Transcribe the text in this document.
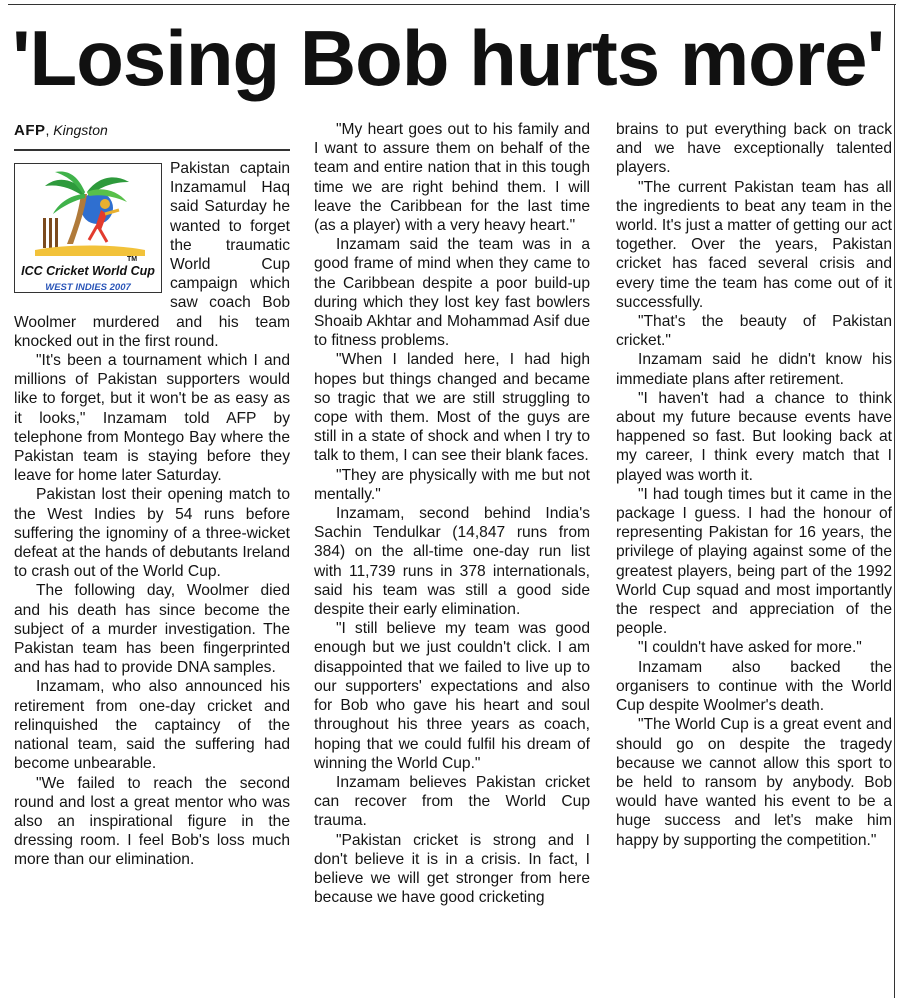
'Losing Bob hurts more'
AFP, Kingston
TM
ICC Cricket World Cup
WEST INDIES 2007

Pakistan captain Inzamamul Haq said Saturday he wanted to forget the traumatic World Cup campaign which saw coach Bob Woolmer murdered and his team knocked out in the first round.

"It's been a tournament which I and millions of Pakistan supporters would like to forget, but it won't be as easy as it looks," Inzamam told AFP by telephone from Montego Bay where the Pakistan team is staying before they leave for home later Saturday.

Pakistan lost their opening match to the West Indies by 54 runs before suffering the ignominy of a three-wicket defeat at the hands of debutants Ireland to crash out of the World Cup.

The following day, Woolmer died and his death has since become the subject of a murder investigation. The Pakistan team has been fingerprinted and has had to provide DNA samples.

Inzamam, who also announced his retirement from one-day cricket and relinquished the captaincy of the national team, said the suffering had become unbearable.

"We failed to reach the second round and lost a great mentor who was also an inspirational figure in the dressing room. I feel Bob's loss much more than our elimination.

"My heart goes out to his family and I want to assure them on behalf of the team and entire nation that in this tough time we are right behind them. I will leave the Caribbean for the last time (as a player) with a very heavy heart."

Inzamam said the team was in a good frame of mind when they came to the Caribbean despite a poor build-up during which they lost key fast bowlers Shoaib Akhtar and Mohammad Asif due to fitness problems.

"When I landed here, I had high hopes but things changed and became so tragic that we are still struggling to cope with them. Most of the guys are still in a state of shock and when I try to talk to them, I can see their blank faces.

"They are physically with me but not mentally."

Inzamam, second behind India's Sachin Tendulkar (14,847 runs from 384) on the all-time one-day run list with 11,739 runs in 378 internationals, said his team was still a good side despite their early elimination.

"I still believe my team was good enough but we just couldn't click. I am disappointed that we failed to live up to our supporters' expectations and also for Bob who gave his heart and soul throughout his three years as coach, hoping that we could fulfil his dream of winning the World Cup."

Inzamam believes Pakistan cricket can recover from the World Cup trauma.

"Pakistan cricket is strong and I don't believe it is in a crisis. In fact, I believe we will get stronger from here because we have good cricketing

brains to put everything back on track and we have exceptionally talented players.

"The current Pakistan team has all the ingredients to beat any team in the world. It's just a matter of getting our act together. Over the years, Pakistan cricket has faced several crisis and every time the team has come out of it successfully.

"That's the beauty of Pakistan cricket."

Inzamam said he didn't know his immediate plans after retirement.

"I haven't had a chance to think about my future because events have happened so fast. But looking back at my career, I think every match that I played was worth it.

"I had tough times but it came in the package I guess. I had the honour of representing Pakistan for 16 years, the privilege of playing against some of the greatest players, being part of the 1992 World Cup squad and most importantly the respect and appreciation of the people.

"I couldn't have asked for more."

Inzamam also backed the organisers to continue with the World Cup despite Woolmer's death.

"The World Cup is a great event and should go on despite the tragedy because we cannot allow this sport to be held to ransom by anybody. Bob would have wanted his event to be a huge success and let's make him happy by supporting the competition."
